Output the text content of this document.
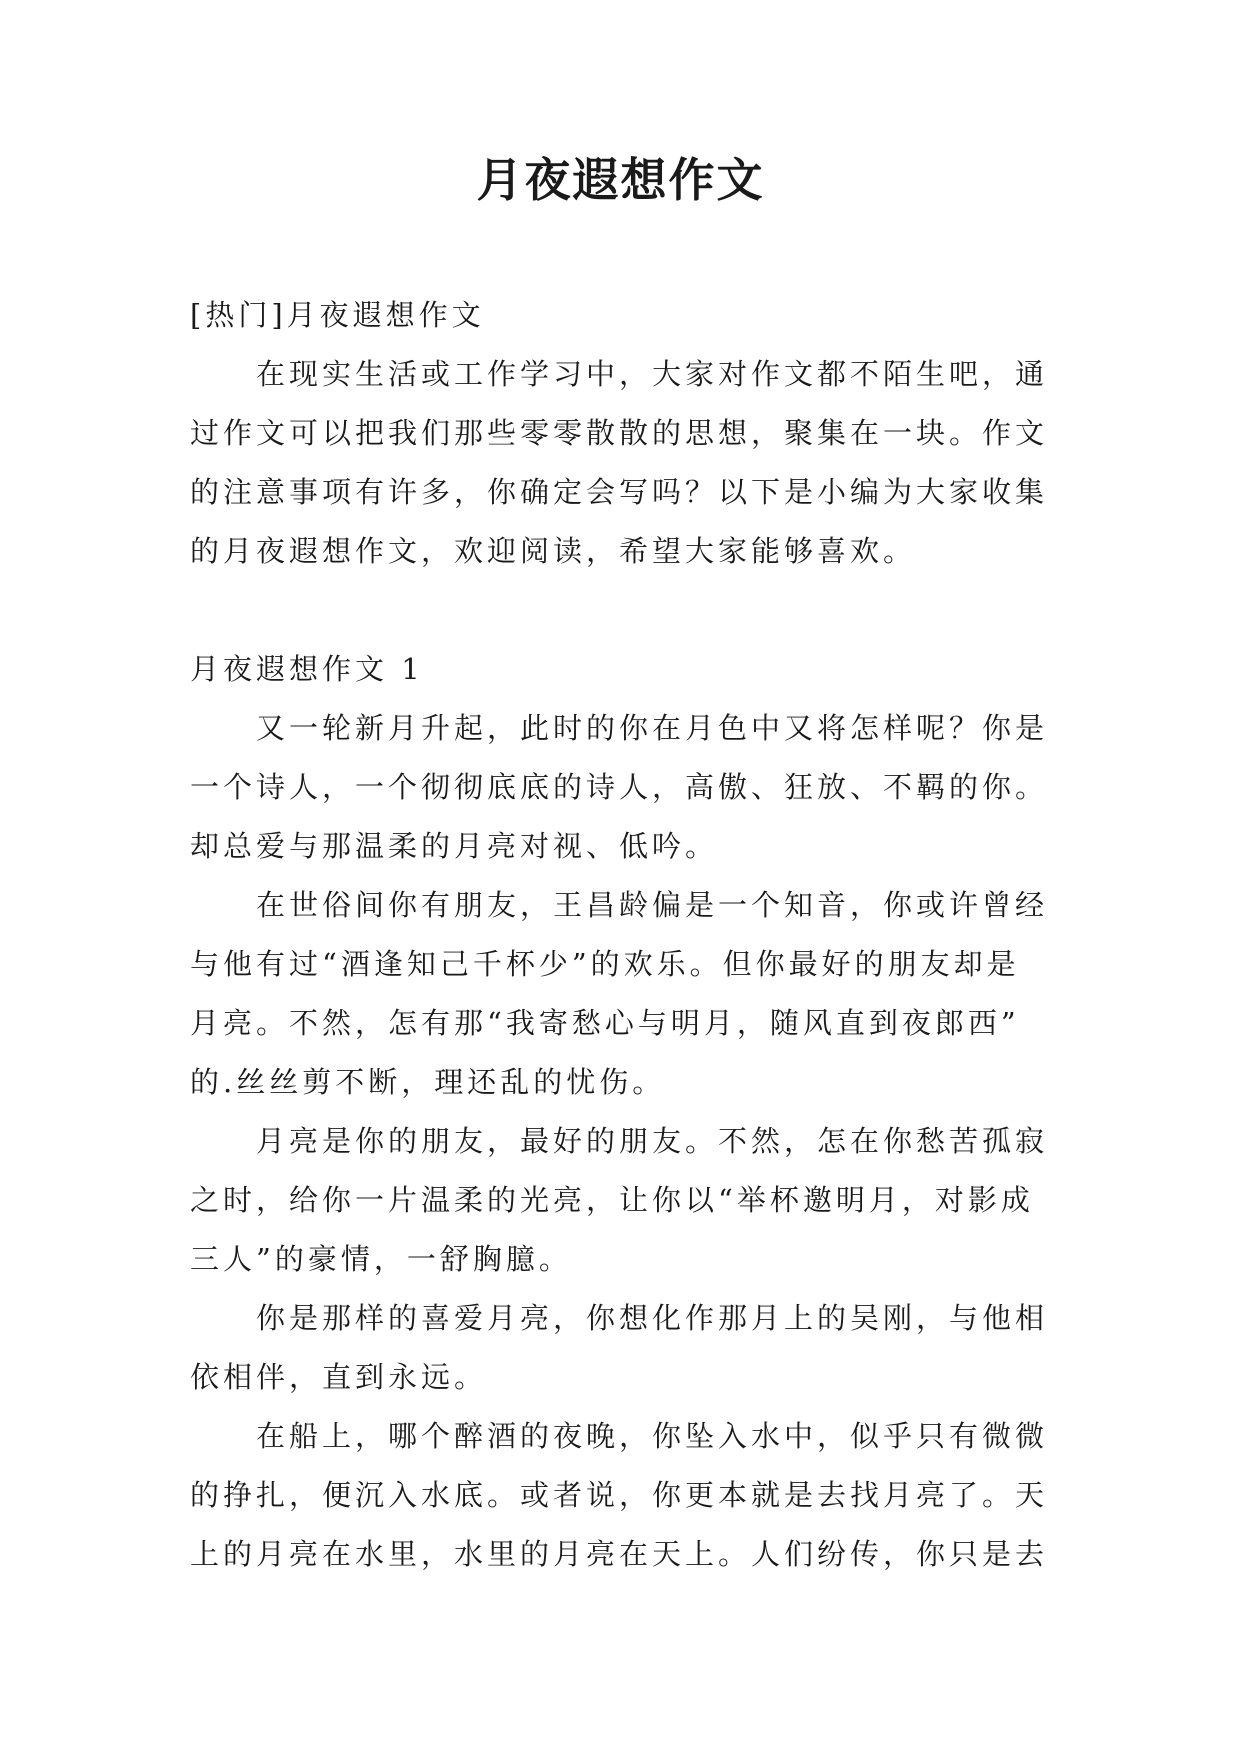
月夜遐想作文
[热门]月夜遐想作文
在现实生活或工作学习中，大家对作文都不陌生吧，通
过作文可以把我们那些零零散散的思想，聚集在一块。作文
的注意事项有许多，你确定会写吗？以下是小编为大家收集
的月夜遐想作文，欢迎阅读，希望大家能够喜欢。
月夜遐想作文 1
又一轮新月升起，此时的你在月色中又将怎样呢？你是
一个诗人，一个彻彻底底的诗人，高傲、狂放、不羁的你。
却总爱与那温柔的月亮对视、低吟。
在世俗间你有朋友，王昌龄偏是一个知音，你或许曾经
与他有过“酒逢知己千杯少”的欢乐。但你最好的朋友却是
月亮。不然，怎有那“我寄愁心与明月，随风直到夜郎西”
的.丝丝剪不断，理还乱的忧伤。
月亮是你的朋友，最好的朋友。不然，怎在你愁苦孤寂
之时，给你一片温柔的光亮，让你以“举杯邀明月，对影成
三人”的豪情，一舒胸臆。
你是那样的喜爱月亮，你想化作那月上的吴刚，与他相
依相伴，直到永远。
在船上，哪个醉酒的夜晚，你坠入水中，似乎只有微微
的挣扎，便沉入水底。或者说，你更本就是去找月亮了。天
上的月亮在水里，水里的月亮在天上。人们纷传，你只是去
